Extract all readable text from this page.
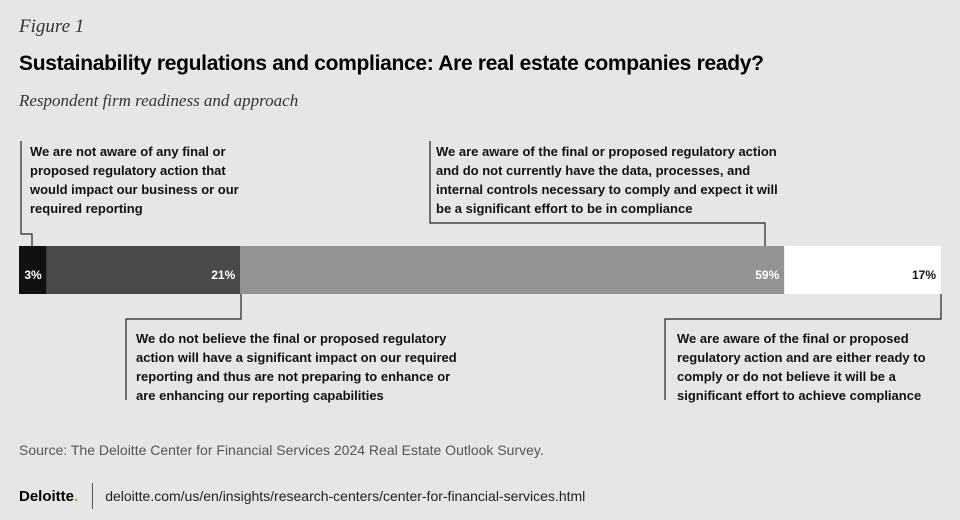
Figure 1
Sustainability regulations and compliance: Are real estate companies ready?
Respondent firm readiness and approach
We are not aware of any final or
proposed regulatory action that
would impact our business or our
required reporting
We are aware of the final or proposed regulatory action
and do not currently have the data, processes, and
internal controls necessary to comply and expect it will
be a significant effort to be in compliance
We do not believe the final or proposed regulatory
action will have a significant impact on our required
reporting and thus are not preparing to enhance or
are enhancing our reporting capabilities
We are aware of the final or proposed
regulatory action and are either ready to
comply or do not believe it will be a
significant effort to achieve compliance
3%	21%	59%	17%
Source: The Deloitte Center for Financial Services 2024 Real Estate Outlook Survey.
Deloitte. deloitte.com/us/en/insights/research-centers/center-for-financial-services.html
